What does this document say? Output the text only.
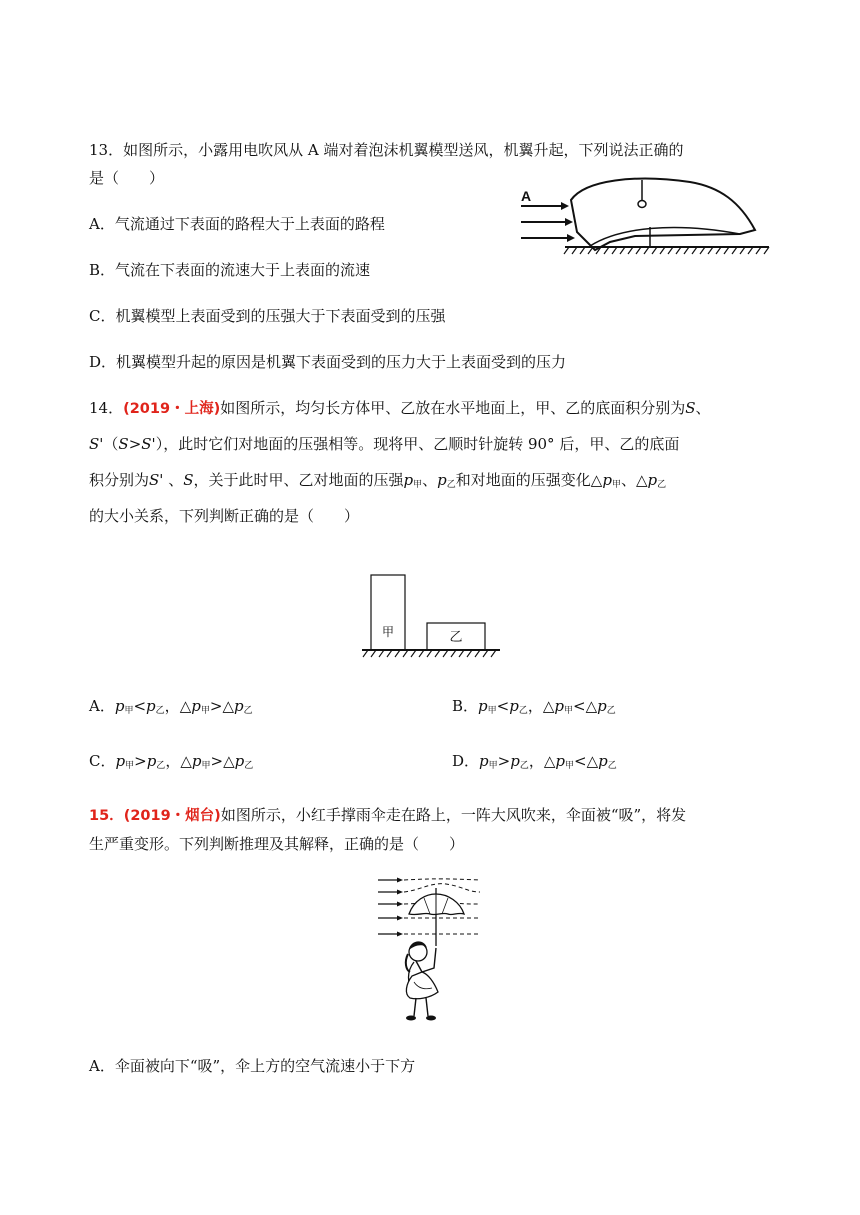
13．如图所示，小露用电吹风从 A 端对着泡沫机翼模型送风，机翼升起，下列说法正确的
是（　　）
A
A．气流通过下表面的路程大于上表面的路程
B．气流在下表面的流速大于上表面的流速
C．机翼模型上表面受到的压强大于下表面受到的压强
D．机翼模型升起的原因是机翼下表面受到的压力大于上表面受到的压力
14．(2019・上海)如图所示，均匀长方体甲、乙放在水平地面上，甲、乙的底面积分别为S、
S'（S>S'），此时它们对地面的压强相等。现将甲、乙顺时针旋转 90° 后，甲、乙的底面
积分别为S' 、S，关于此时甲、乙对地面的压强$p_甲$、$p_乙$和对地面的压强变化$\triangle p_甲$、$\triangle p_乙$
的大小关系，下列判断正确的是（　　）
甲	乙
A．$p_甲<p_乙$，$\triangle p_甲>\triangle p_乙$	B．$p_甲<p_乙$，$\triangle p_甲<\triangle p_乙$
C．$p_甲>p_乙$，$\triangle p_甲>\triangle p_乙$	D．$p_甲>p_乙$，$\triangle p_甲<\triangle p_乙$
15．(2019・烟台)如图所示，小红手撑雨伞走在路上，一阵大风吹来，伞面被“吸”，将发
生严重变形。下列判断推理及其解释，正确的是（　　）
A．伞面被向下“吸”，伞上方的空气流速小于下方
